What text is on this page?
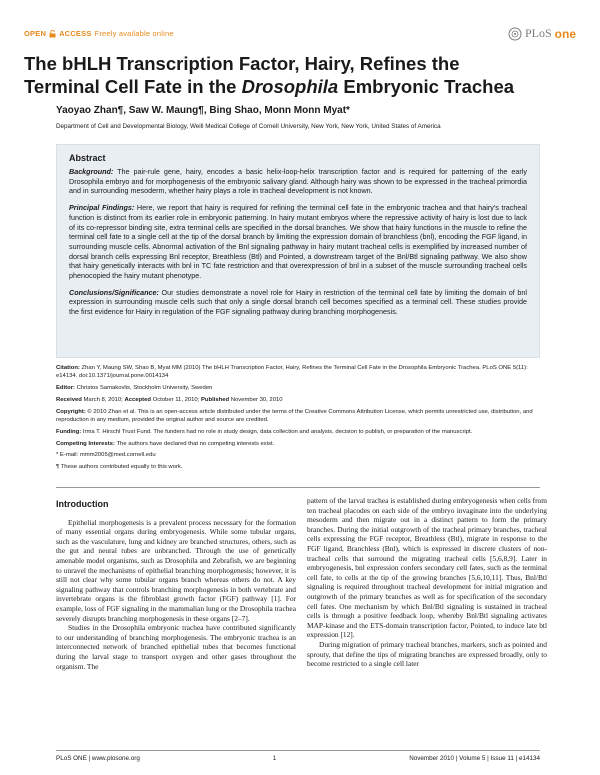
OPEN ACCESS Freely available online	PLoS one
The bHLH Transcription Factor, Hairy, Refines the
Terminal Cell Fate in the Drosophila Embryonic Trachea
Yaoyao Zhan¶, Saw W. Maung¶, Bing Shao, Monn Monn Myat*
Department of Cell and Developmental Biology, Weill Medical College of Cornell University, New York, New York, United States of America
Abstract

Background: The pair-rule gene, hairy, encodes a basic helix-loop-helix transcription factor and is required for patterning of the early Drosophila embryo and for morphogenesis of the embryonic salivary gland. Although hairy was shown to be expressed in the tracheal primordia and in surrounding mesoderm, whether hairy plays a role in tracheal development is not known.

Principal Findings: Here, we report that hairy is required for refining the terminal cell fate in the embryonic trachea and that hairy's tracheal function is distinct from its earlier role in embryonic patterning. In hairy mutant embryos where the repressive activity of hairy is lost due to lack of its co-repressor binding site, extra terminal cells are specified in the dorsal branches. We show that hairy functions in the muscle to refine the terminal cell fate to a single cell at the tip of the dorsal branch by limiting the expression domain of branchless (bnl), encoding the FGF ligand, in surrounding muscle cells. Abnormal activation of the Bnl signaling pathway in hairy mutant tracheal cells is exemplified by increased number of dorsal branch cells expressing Bnl receptor, Breathless (Btl) and Pointed, a downstream target of the Bnl/Btl signaling pathway. We also show that hairy genetically interacts with bnl in TC fate restriction and that overexpression of bnl in a subset of the muscle surrounding tracheal cells phenocopied the hairy mutant phenotype.

Conclusions/Significance: Our studies demonstrate a novel role for Hairy in restriction of the terminal cell fate by limiting the domain of bnl expression in surrounding muscle cells such that only a single dorsal branch cell becomes specified as a terminal cell. These studies provide the first evidence for Hairy in regulation of the FGF signaling pathway during branching morphogenesis.

Citation: Zhan Y, Maung SW, Shao B, Myat MM (2010) The bHLH Transcription Factor, Hairy, Refines the Terminal Cell Fate in the Drosophila Embryonic Trachea. PLoS ONE 5(11): e14134. doi:10.1371/journal.pone.0014134

Editor: Christos Samakovlis, Stockholm University, Sweden

Received March 8, 2010; Accepted October 11, 2010; Published November 30, 2010

Copyright: © 2010 Zhan et al. This is an open-access article distributed under the terms of the Creative Commons Attribution License, which permits unrestricted use, distribution, and reproduction in any medium, provided the original author and source are credited.

Funding: Irma T. Hirschl Trust Fund. The funders had no role in study design, data collection and analysis, decision to publish, or preparation of the manuscript.

Competing Interests: The authors have declared that no competing interests exist.

* E-mail: mmm2005@med.cornell.edu

¶ These authors contributed equally to this work.

Introduction

Epithelial morphogenesis is a prevalent process necessary for the formation of many essential organs during embryogenesis. While some tubular organs, such as the vasculature, lung and kidney are branched structures, others, such as the gut and neural tubes are unbranched. Through the use of genetically amenable model organisms, such as Drosophila and Zebrafish, we are beginning to unravel the mechanisms of epithelial branching morphogenesis; however, it is still not clear why some tubular organs branch whereas others do not. A key signaling pathway that controls branching morphogenesis in both vertebrate and invertebrate organs is the fibroblast growth factor (FGF) pathway [1]. For example, loss of FGF signaling in the mammalian lung or the Drosophila trachea severely disrupts branching morphogenesis in these organs [2–7].

Studies in the Drosophila embryonic trachea have contributed significantly to our understanding of branching morphogenesis. The embryonic trachea is an interconnected network of branched epithelial tubes that becomes functional during the larval stage to transport oxygen and other gases throughout the organism. The

pattern of the larval trachea is established during embryogenesis when cells from ten tracheal placodes on each side of the embryo invaginate into the underlying mesoderm and then migrate out in a distinct pattern to form the primary branches. During the initial outgrowth of the tracheal primary branches, tracheal cells expressing the FGF receptor, Breathless (Btl), migrate in response to the FGF ligand, Branchless (Bnl), which is expressed in discrete clusters of non-tracheal cells that surround the migrating tracheal cells [5,6,8,9]. Later in embryogenesis, bnl expression confers secondary cell fates, such as the terminal cell fate, to cells at the tip of the growing branches [5,6,10,11]. Thus, Bnl/Btl signaling is required throughout tracheal development for initial migration and outgrowth of the primary branches as well as for specification of the secondary cell fates. One mechanism by which Bnl/Btl signaling is sustained in tracheal cells is through a positive feedback loop, whereby Bnl/Btl signaling activates MAP-kinase and the ETS-domain transcription factor, Pointed, to induce late btl expression [12].

During migration of primary tracheal branches, markers, such as pointed and sprouty, that define the tips of migrating branches are expressed broadly, only to become restricted to a single cell later

PLoS ONE | www.plosone.org	1	November 2010 | Volume 5 | Issue 11 | e14134
